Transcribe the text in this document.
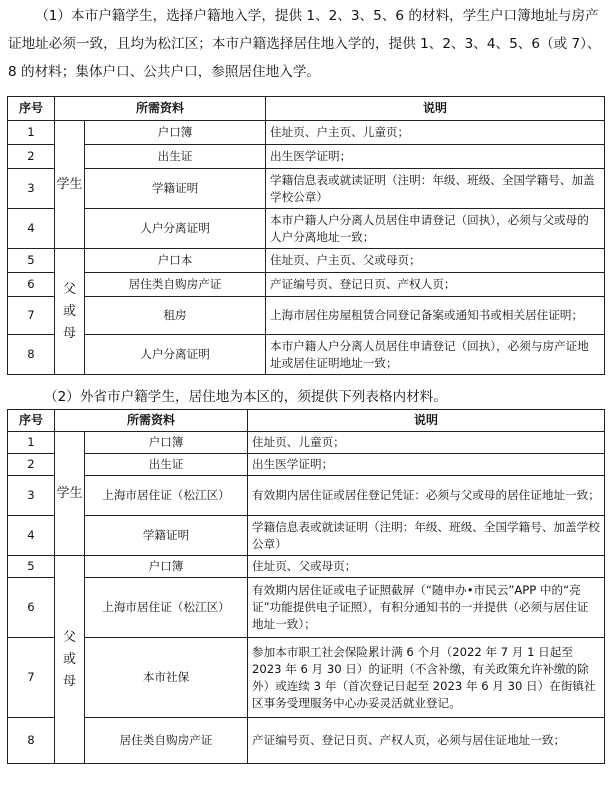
（1）本市户籍学生，选择户籍地入学，提供 1、2、3、5、6 的材料，学生户口簿地址与房产证地址必须一致，且均为松江区；本市户籍选择居住地入学的，提供 1、2、3、4、5、6（或 7）、8 的材料；集体户口、公共户口，参照居住地入学。

序号	所需资料		说明
1	学生	户口簿	住址页、户主页、儿童页；
2		出生证	出生医学证明；
3		学籍证明	学籍信息表或就读证明（注明：年级、班级、全国学籍号、加盖学校公章）
4		人户分离证明	本市户籍人户分离人员居住申请登记（回执），必须与父或母的人户分离地址一致；
5	父或母	户口本	住址页、户主页、父或母页；
6		居住类自购房产证	产证编号页、登记日页、产权人页；
7		租房	上海市居住房屋租赁合同登记备案或通知书或相关居住证明；
8		人户分离证明	本市户籍人户分离人员居住申请登记（回执），必须与房产证地址或居住证明地址一致；

（2）外省市户籍学生，居住地为本区的，须提供下列表格内材料。

序号	所需资料		说明
1	学生	户口簿	住址页、儿童页；
2		出生证	出生医学证明；
3		上海市居住证（松江区）	有效期内居住证或居住登记凭证：必须与父或母的居住证地址一致；
4		学籍证明	学籍信息表或就读证明（注明：年级、班级、全国学籍号、加盖学校公章）
5	父或母	户口簿	住址页、父或母页；
6		上海市居住证（松江区）	有效期内居住证或电子证照截屏（“随申办•市民云”APP 中的“亮证”功能提供电子证照），有积分通知书的一并提供（必须与居住证地址一致）；
7		本市社保	参加本市职工社会保险累计满 6 个月（2022 年 7 月 1 日起至 2023 年 6 月 30 日）的证明（不含补缴，有关政策允许补缴的除外）或连续 3 年（首次登记日起至 2023 年 6 月 30 日）在街镇社区事务受理服务中心办妥灵活就业登记。
8		居住类自购房产证	产证编号页、登记日页、产权人页，必须与居住证地址一致；
